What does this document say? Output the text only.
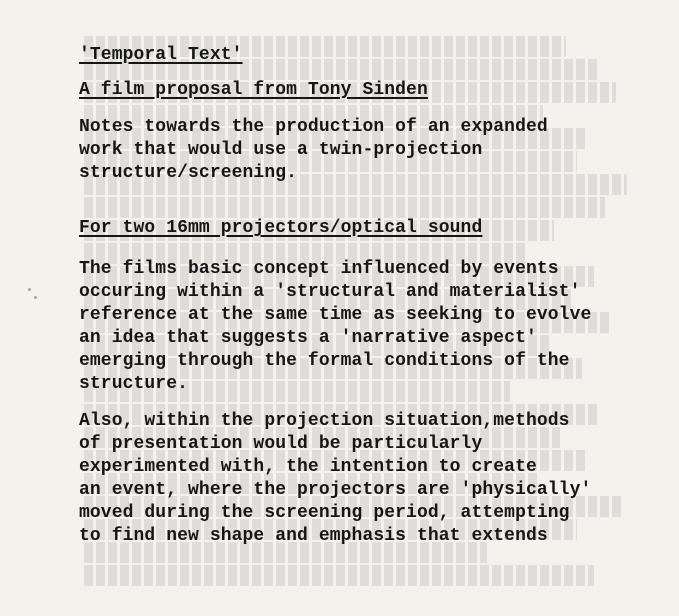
'Temporal Text'
A film proposal from Tony Sinden
Notes towards the production of an expanded
work that would use a twin-projection
structure/screening.
For two 16mm projectors/optical sound
The films basic concept influenced by events
occuring within a 'structural and materialist'
reference at the same time as seeking to evolve
an idea that suggests a 'narrative aspect'
emerging through the formal conditions of the
structure.
Also, within the projection situation,methods
of presentation would be particularly
experimented with, the intention to create
an event, where the projectors are 'physically'
moved during the screening period, attempting
to find new shape and emphasis that extends
